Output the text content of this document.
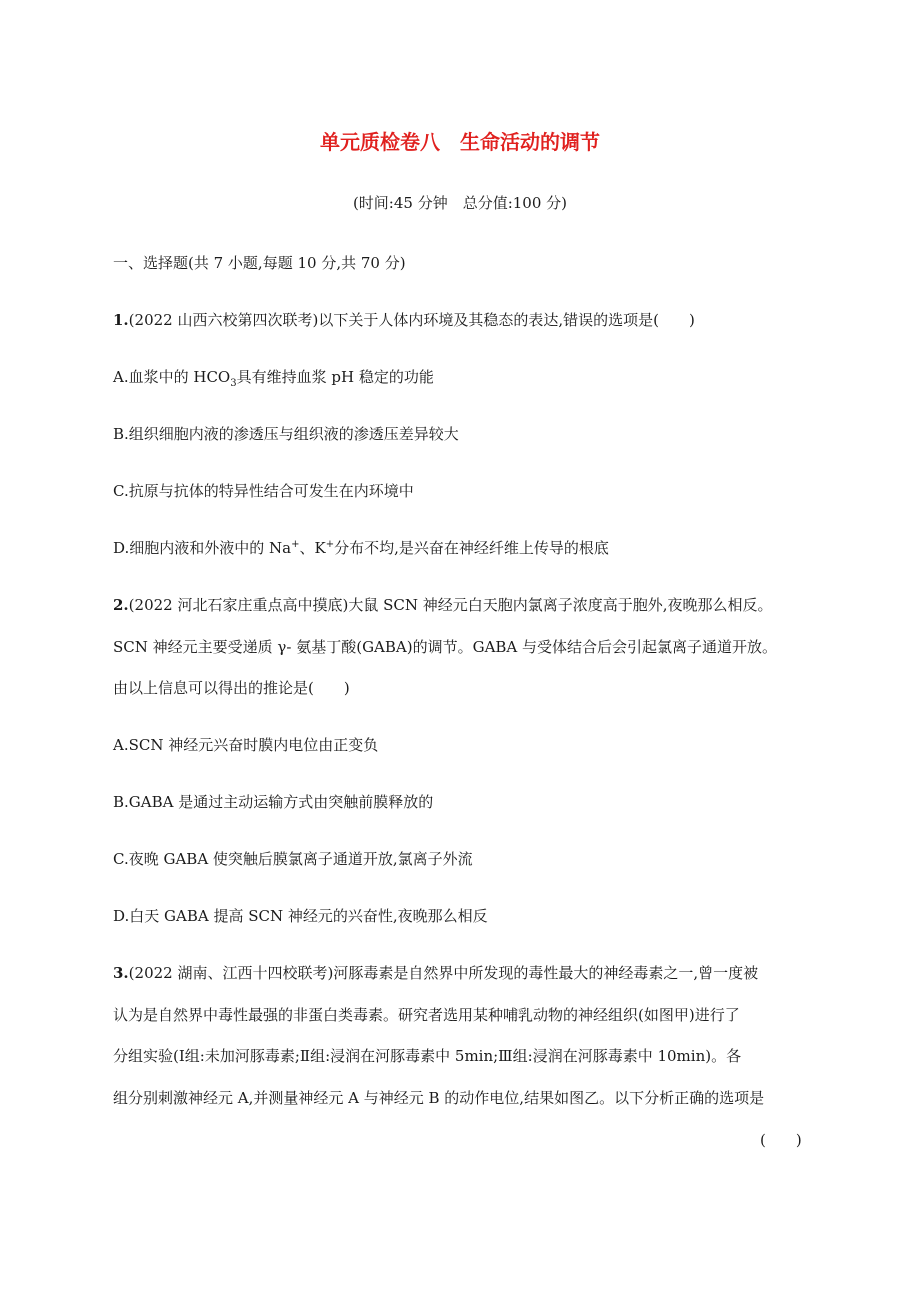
单元质检卷八　生命活动的调节
(时间:45 分钟　总分值:100 分)
一、选择题(共 7 小题,每题 10 分,共 70 分)
1.(2022 山西六校第四次联考)以下关于人体内环境及其稳态的表达,错误的选项是(　　)
A.血浆中的 $HCO_3$具有维持血浆 pH 稳定的功能
B.组织细胞内液的渗透压与组织液的渗透压差异较大
C.抗原与抗体的特异性结合可发生在内环境中
D.细胞内液和外液中的 Na+、K+分布不均,是兴奋在神经纤维上传导的根底
2.(2022 河北石家庄重点高中摸底)大鼠 SCN 神经元白天胞内氯离子浓度高于胞外,夜晚那么相反。
SCN 神经元主要受递质 γ- 氨基丁酸(GABA)的调节。GABA 与受体结合后会引起氯离子通道开放。
由以上信息可以得出的推论是(　　)
A.SCN 神经元兴奋时膜内电位由正变负
B.GABA 是通过主动运输方式由突触前膜释放的
C.夜晚 GABA 使突触后膜氯离子通道开放,氯离子外流
D.白天 GABA 提高 SCN 神经元的兴奋性,夜晚那么相反
3.(2022 湖南、江西十四校联考)河豚毒素是自然界中所发现的毒性最大的神经毒素之一,曾一度被
认为是自然界中毒性最强的非蛋白类毒素。研究者选用某种哺乳动物的神经组织(如图甲)进行了
分组实验(Ⅰ组:未加河豚毒素;Ⅱ组:浸润在河豚毒素中 5min;Ⅲ组:浸润在河豚毒素中 10min)。各
组分别刺激神经元 A,并测量神经元 A 与神经元 B 的动作电位,结果如图乙。以下分析正确的选项是
(　　)
